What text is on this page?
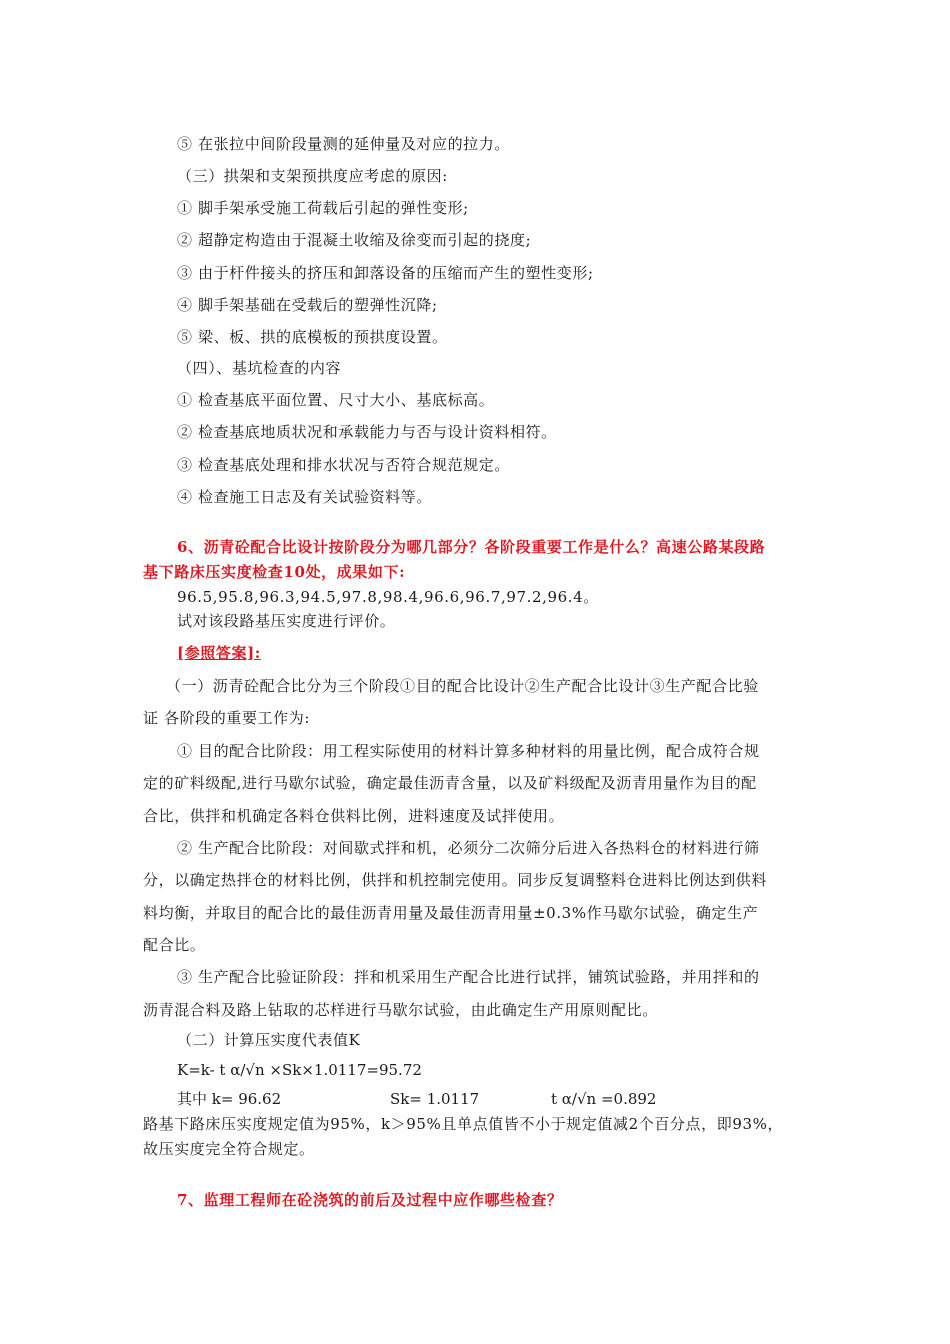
⑤ 在张拉中间阶段量测的延伸量及对应的拉力。
（三）拱架和支架预拱度应考虑的原因:
① 脚手架承受施工荷载后引起的弹性变形;
② 超静定构造由于混凝土收缩及徐变而引起的挠度;
③ 由于杆件接头的挤压和卸落设备的压缩而产生的塑性变形;
④ 脚手架基础在受载后的塑弹性沉降;
⑤ 梁、板、拱的底模板的预拱度设置。
（四）、基坑检查的内容
① 检查基底平面位置、尺寸大小、基底标高。
② 检查基底地质状况和承载能力与否与设计资料相符。
③ 检查基底处理和排水状况与否符合规范规定。
④ 检查施工日志及有关试验资料等。
6、沥青砼配合比设计按阶段分为哪几部分？各阶段重要工作是什么？高速公路某段路
基下路床压实度检查10处，成果如下:
96.5,95.8,96.3,94.5,97.8,98.4,96.6,96.7,97.2,96.4。
试对该段路基压实度进行评价。
[参照答案]:
（一）沥青砼配合比分为三个阶段①目的配合比设计②生产配合比设计③生产配合比验
证 各阶段的重要工作为:
① 目的配合比阶段：用工程实际使用的材料计算多种材料的用量比例，配合成符合规
定的矿料级配,进行马歇尔试验，确定最佳沥青含量，以及矿料级配及沥青用量作为目的配
合比，供拌和机确定各料仓供料比例，进料速度及试拌使用。
② 生产配合比阶段：对间歇式拌和机，必须分二次筛分后进入各热料仓的材料进行筛
分，以确定热拌仓的材料比例，供拌和机控制完使用。同步反复调整料仓进料比例达到供料
料均衡，并取目的配合比的最佳沥青用量及最佳沥青用量±0.3%作马歇尔试验，确定生产
配合比。
③ 生产配合比验证阶段：拌和机采用生产配合比进行试拌，铺筑试验路，并用拌和的
沥青混合料及路上钻取的芯样进行马歇尔试验，由此确定生产用原则配比。
（二）计算压实度代表值K
K=k- t α/√n ×Sk×1.0117=95.72
其中 k= 96.62	Sk= 1.0117	t α/√n =0.892
路基下路床压实度规定值为95%，k＞95%且单点值皆不小于规定值减2个百分点，即93%，
故压实度完全符合规定。
7、监理工程师在砼浇筑的前后及过程中应作哪些检查？
